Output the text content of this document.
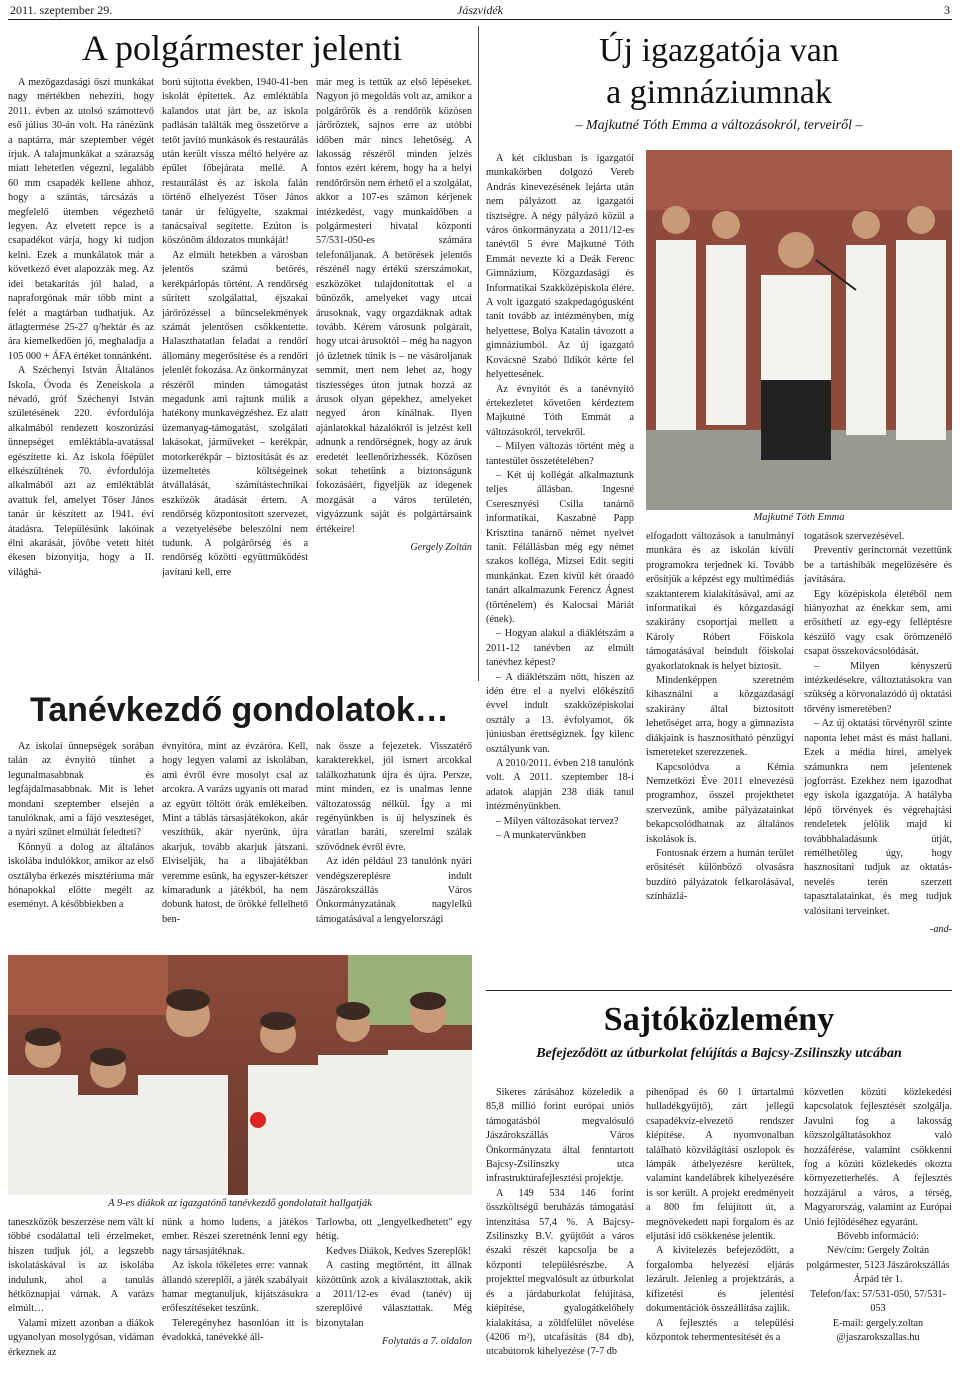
2011. szeptember 29.	Jászvidék	3
A polgármester jelenti

A mezőgazdasági őszi munkákat nagy mértékben nehezíti, hogy 2011. évben az utolsó számottevő eső július 30-án volt. Ha ránézünk a naptárra, már szeptember végét írjuk. A talajmunkákat a szárazság miatt lehetetlen végezni, legalább 60 mm csapadék kellene ahhoz, hogy a szántás, tárcsázás a megfelelő ütemben végezhető legyen. Az elvetett repce is a csapadékot várja, hogy ki tudjon kelni. Ezek a munkálatok már a következő évet alapozzák meg. Az idei betakarítás jól halad, a napraforgónak már több mint a felét a magtárban tudhatjuk. Az átlagtermése 25-27 q/hektár és az ára kiemelkedően jó, meghaladja a 105 000 + ÁFA értéket tonnánként.

A Széchenyi István Általános Iskola, Óvoda és Zeneiskola a névadó, gróf Széchenyi István születésének 220. évfordulója alkalmából rendezett koszorúzási ünnepséget emléktábla-avatással egészítette ki. Az iskola főépület elkészültének 70. évfordulója alkalmából azt az emléktáblát avattuk fel, amelyet Tőser János tanár úr készített az 1941. évi átadásra. Településünk lakóinak élni akarását, jövőbe vetett hitét ékesen bizonyítja, hogy a II. világhá-

ború sújtotta években, 1940-41-ben iskolát építettek. Az emléktábla kalandos utat járt be, az iskola padlásán találták meg összetörve a tetőt javító munkások és restaurálás után került vissza méltó helyére az épület főbejárata mellé. A restaurálást és az iskola falán történő elhelyezést Tőser János tanár úr felügyelte, szakmai tanácsaival segítette. Ezúton is köszönöm áldozatos munkáját!

Az elmúlt hetekben a városban jelentős számú betörés, kerékpárlopás történt. A rendőrség sűrített szolgálattal, éjszakai járőrözéssel a bűncselekmények számát jelentősen csökkentette. Halaszthatatlan feladat a rendőri állomány megerősítése és a rendőri jelenlét fokozása. Az önkormányzat részéről minden támogatást megadunk ami rajtunk múlik a hatékony munkavégzéshez. Ez alatt üzemanyag-támogatást, szolgálati lakásokat, járműveket – kerékpár, motorkerékpár – biztosítását és az üzemeltetés költségeinek átvállalását, számítástechnikai eszközök átadását értem. A rendőrség központosított szervezet, a vezetyelésébe beleszólni nem tudunk. A polgárőrség és a rendőrség közötti együttműködést javítani kell, erre

már meg is tettük az első lépéseket. Nagyon jó megoldás volt az, amikor a polgárőrök és a rendőrök közösen járőröztek, sajnos erre az utóbbi időben már nincs lehetőség. A lakosság részéről minden jelzés fontos ezért kérem, hogy ha a helyi rendőrőrsön nem érhető el a szolgálat, akkor a 107-es számon kérjenek intézkedést, vagy munkaidőben a polgármesteri hivatal központi 57/531-050-es számára telefonáljanak. A betörések jelentős részénél nagy értékű szerszámokat, eszközöket tulajdonítottak el a bűnözők, amelyeket vagy utcai árusoknak, vagy orgazdáknak adtak tovább. Kérem városunk polgárait, hogy utcai árusoktól – még ha nagyon jó üzletnek tűnik is – ne vásároljanak semmit, mert nem lehet az, hogy tisztességes úton jutnak hozzá az árusok olyan gépekhez, amelyeket negyed áron kínálnak. Ilyen ajánlatokkal házalókról is jelzést kell adnunk a rendőrségnek, hogy az áruk eredetét leellenőrizhessék. Közösen sokat tehetünk a biztonságunk fokozásáért, figyeljük az idegenek mozgását a város területén, vigyázzunk saját és polgártársaink értékeire!

Gergely Zoltán

Tanévkezdő gondolatok…

Az iskolai ünnepségek sorában talán az évnyitó tűnhet a legunalmasabbnak és legfájdalmasabbnak. Mit is lehet mondani szeptember elsején a tanulóknak, ami a fájó veszteséget, a nyári szünet elmúltát feledteti?

Könnyű a dolog az általános iskolába indulókkor, amikor az első osztályba érkezés misztériuma már hónapokkal előtte megélt az eseményt. A későbbiekben a

évnyitóra, mint az évzáróra. Kell, hogy legyen valami az iskolában, ami évről évre mosolyt csal az arcokra. A varázs ugyanis ott marad az együtt töltött órák emlékeiben. Mint a táblás társasjátékokon, akár veszíthük, akár nyerünk, újra akarjuk, tovább akarjuk játszani. Elviseljük, ha a libajátékban veremme esünk, ha egyszer-kétszer kimaradunk a játékból, ha nem dobunk hatost, de örökké fellelhető ben-

nak össze a fejezetek. Visszatérő karakterekkel, jól ismert arcokkal találkozhatunk újra és újra. Persze, mint minden, ez is unalmas lenne változatosság nélkül. Így a mi regényünkben is új helyszínek és váratlan baráti, szerelmi szálak szövődnek évről évre.

Az idén például 23 tanulónk nyári vendégszereplésre indult Jászárokszállás Város Önkormányzatának nagylelkű támogatásával a lengyelországi

A 9-es diákok az igazgatónő tanévkezdő gondolatait hallgatják

taneszközök beszerzése nem vált ki többé csodálattal teli érzelmeket, hiszen tudjuk jól, a legszebb iskolatáskával is az iskolába indulunk, ahol a tanulás hétköznapjai várnak. A varázs elmúlt…

Valami mizett azonban a diákok ugyanolyan mosolygósan, vidáman érkeznek az

nünk a homo ludens, a játékos ember. Részei szeretnénk lenni egy nagy társasjátéknak.

Az iskola tőkéletes erre: vannak állandó szereplői, a játék szabályait hamar megtanuljuk, kijátszásukra erőfeszítéseket teszünk.

Teleregényhez hasonlóan itt is évadokká, tanévekké áll-

Tarlowba, ott „lengyelkedhetett" egy hétig.

Kedves Diákok, Kedves Szereplők!

A casting megtörtént, itt állnak közöttünk azok a kiválasztottak, akik a 2011/12-es évad (tanév) új szereplőivé választattak. Még bizonytalan

Folytatás a 7. oldalon

Új igazgatója van
a gimnáziumnak
– Majkutné Tóth Emma a változásokról, terveiről –

A két ciklusban is igazgatói munkakörben dolgozó Vereb András kinevezésének lejárta után nem pályázott az igazgatói tisztségre. A négy pályázó közül a város önkormányzata a 2011/12-es tanévtől 5 évre Majkutné Tóth Emmát nevezte ki a Deák Ferenc Gimnázium, Közgazdasági és Informatikai Szakközépiskola élére. A volt igazgató szakpedagógusként tanít tovább az intézményben, míg helyettese, Bolya Katalin távozott a gimnáziumból. Az új igazgató Kovácsné Szabó Ildikót kérte fel helyettesének.

Az évnyitót és a tanévnyitó értekezletet követően kérdeztem Majkutné Tóth Emmát a változásokról, tervekről.

– Milyen változás történt még a tantestület összetételében?

– Két új kollégát alkalmaztunk teljes állásban. Ingesné Cseresznyési Csilla tanárnő informatikai, Kaszabné Papp Krisztina tanárnő német nyelvet tanít. Félállásban még egy német szakos kolléga, Mizsei Edit segíti munkánkat. Ezen kívül két óraadó tanárt alkalmazunk Ferencz Ágnest (történelem) és Kalocsai Máriát (ének).

– Hogyan alakul a diáklétszám a 2011-12 tanévben az elmúlt tanévhez képest?

– A diáklétszám nőtt, hiszen az idén étre el a nyelvi előkészítő évvel indult szakközépiskolai osztály a 13. évfolyamot, ők júniusban érettségiznek. Így kilenc osztályunk van.

A 2010/2011. évben 218 tanulónk volt. A 2011. szeptember 18-i adatok alapján 238 diák tanul intézményünkben.

– Milyen változásokat tervez?

– A munkatervünkben

Majkutné Tóth Emma

elfogadott változások a tanulmányi munkára és az iskolán kívüli programokra terjednek ki. Tovább erősítjük a képzést egy multimédiás szaktanterem kialakításával, ami az informatikai és közgazdasági szakirány csoportjai mellett a Károly Róbert Főiskola támogatásával beindult főiskolai gyakorlatoknak is helyet biztosít.

Mindenképpen szeretném kihasználni a közgazdasági szakirány által biztosított lehetőséget arra, hogy a gimnazista diákjaink is hasznosítható pénzügyi ismereteket szerezzenek.

Kapcsolódva a Kémia Nemzetközi Éve 2011 elnevezésű programhoz, összel projekthetet szervezünk, amibe pályázatainkat bekapcsolódhatnak az általános iskolások is.

Fontosnak érzem a humán terület erősítését különböző olvasásra buzdító pályázatok felkarolásával, színházlá-

togatások szervezésével.

Preventív gerinctornát vezettünk be a tartáshibák megelőzésére és javítására.

Egy középiskola életéből nem hiányozhat az énekkar sem, ami erősítheti az egy-egy felléptésre készülő vagy csak örömzenélő csapat összekovácsolódását.

– Milyen kényszerű intézkedésekre, változtatásokra van szükség a körvonalazódó új oktatási törvény ismeretében?

– Az új oktatási törvényről szinte naponta lehet mást és mást hallani. Ezek a média hírei, amelyek számunkra nem jelentenek jogforrást. Ezekhez nem igazodhat egy iskola igazgatója. A hatályba lépő törvények és végrehajtási rendeletek jelölik majd ki továbbhaladásunk útját, remélhetőleg úgy, hogy hasznosítani tudjuk az oktatás-nevelés terén szerzett tapasztalatainkat, és meg tudjuk valósítani terveinket.

-and-

Sajtóközlemény
Befejeződött az útburkolat felújítás a Bajcsy-Zsilinszky utcában

Sikeres zárásához közeledik a 85,8 millió forint európai uniós támogatásból megvalósuló Jászárokszállás Város Önkormányzata által fenntartott Bajcsy-Zsilinszky utca infrastruktúrafejlesztési projektje.

A 149 534 146 forint összköltségű beruházás támogatási intenzitása 57,4 %. A Bajcsy-Zsilinszky B.V. gyűjtőút a város északi részét kapcsolja be a központi településrészbe. A projekttel megvalósult az útburkolat és a járdaburkolat felújítása, kiépítése, gyalogátkelőhely kialakítása, a zöldfelület növelése (4206 m²), utcafásítás (84 db), utcabútorok kihelyezése (7-7 db

pihenőpad és 60 l űrtartalmú hulladékgyűjtő), zárt jellegű csapadékvíz-elvezető rendszer kiépítése. A nyomvonalban található közvilágítási oszlopok és lámpák áthelyezésre kerültek, valamint kandelábrek kihelyezésére is sor került. A projekt eredményeit a 800 fm felújított út, a megnövekedett napi forgalom és az eljutási idő csökkenése jelentik.

A kivitelezés befejeződött, a forgalomba helyezési eljárás lezárult. Jelenleg a projektzárás, a kifizetési és jelentési dokumentációk összeállítása zajlik.

A fejlesztés a települési központok tehermentesítését és a

közvetlen közúti közlekedési kapcsolatok fejlesztését szolgálja. Javulni fog a lakosság közszolgáltatásokhoz való hozzáférése, valamint csökkenni fog a közúti közlekedés okozta környezetterhelés. A fejlesztés hozzájárul a város, a térség, Magyarország, valamint az Európai Unió fejlődéséhez egyaránt.

Bővebb információ:

Név/cím: Gergely Zoltán polgármester, 5123 Jászárokszállás Árpád tér 1.

Telefon/fax: 57/531-050, 57/531-053

E-mail: gergely.zoltan @jaszarokszallas.hu
